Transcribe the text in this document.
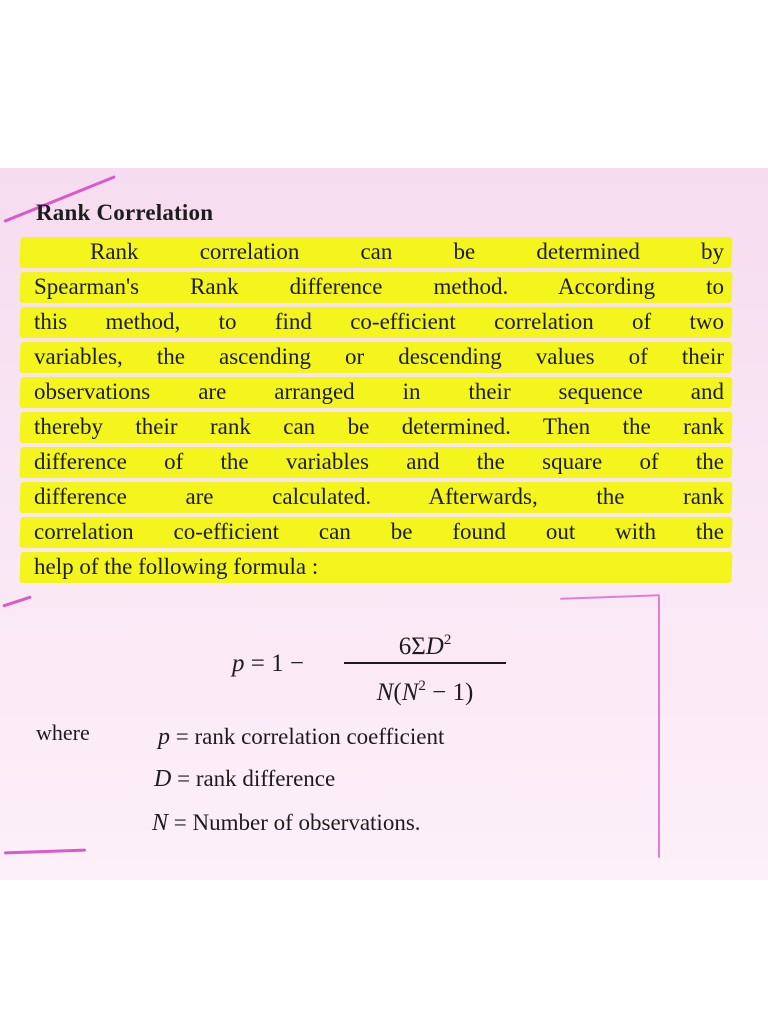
Rank Correlation
Rank correlation can be determined by
Spearman's Rank difference method. According to
this method, to find co-efficient correlation of two
variables, the ascending or descending values of their
observations are arranged in their sequence and
thereby their rank can be determined. Then the rank
difference of the variables and the square of the
difference are calculated. Afterwards, the rank
correlation co-efficient can be found out with the
help of the following formula :
p = 1 −
$6\Sigma D^2$
$N(N^2 - 1)$
where	p = rank correlation coefficient
D = rank difference
N = Number of observations.
